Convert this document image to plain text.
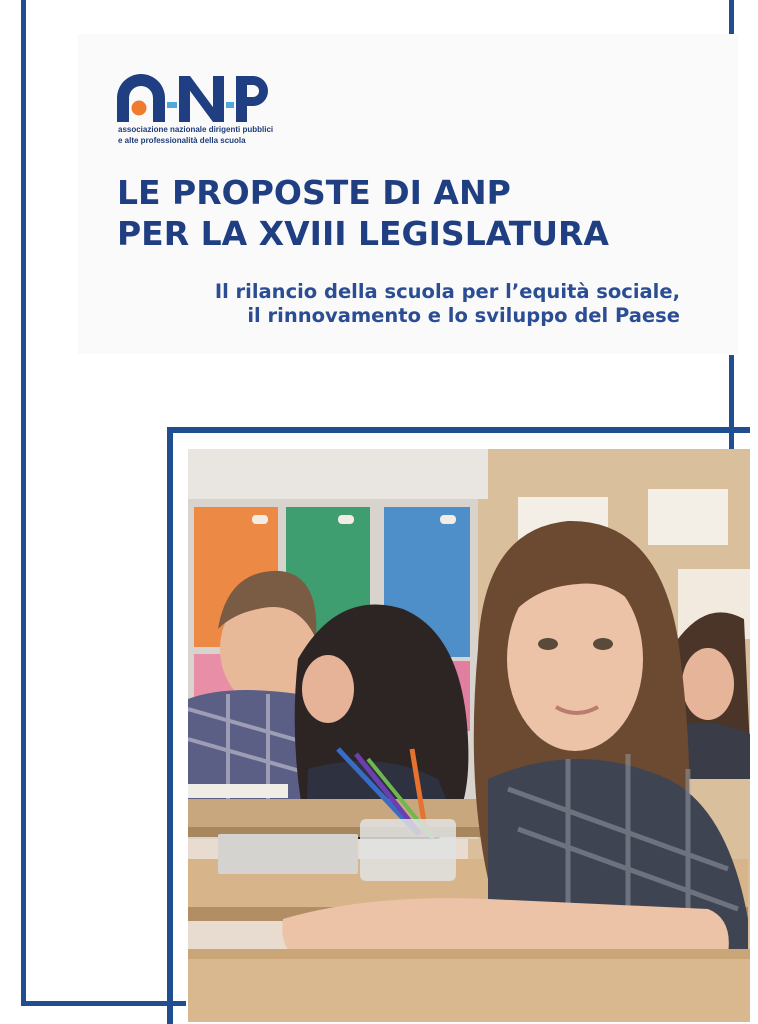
associazione nazionale dirigenti pubblici
e alte professionalità della scuola

LE PROPOSTE DI ANP
PER LA XVIII LEGISLATURA
Il rilancio della scuola per l’equità sociale,
il rinnovamento e lo sviluppo del Paese
